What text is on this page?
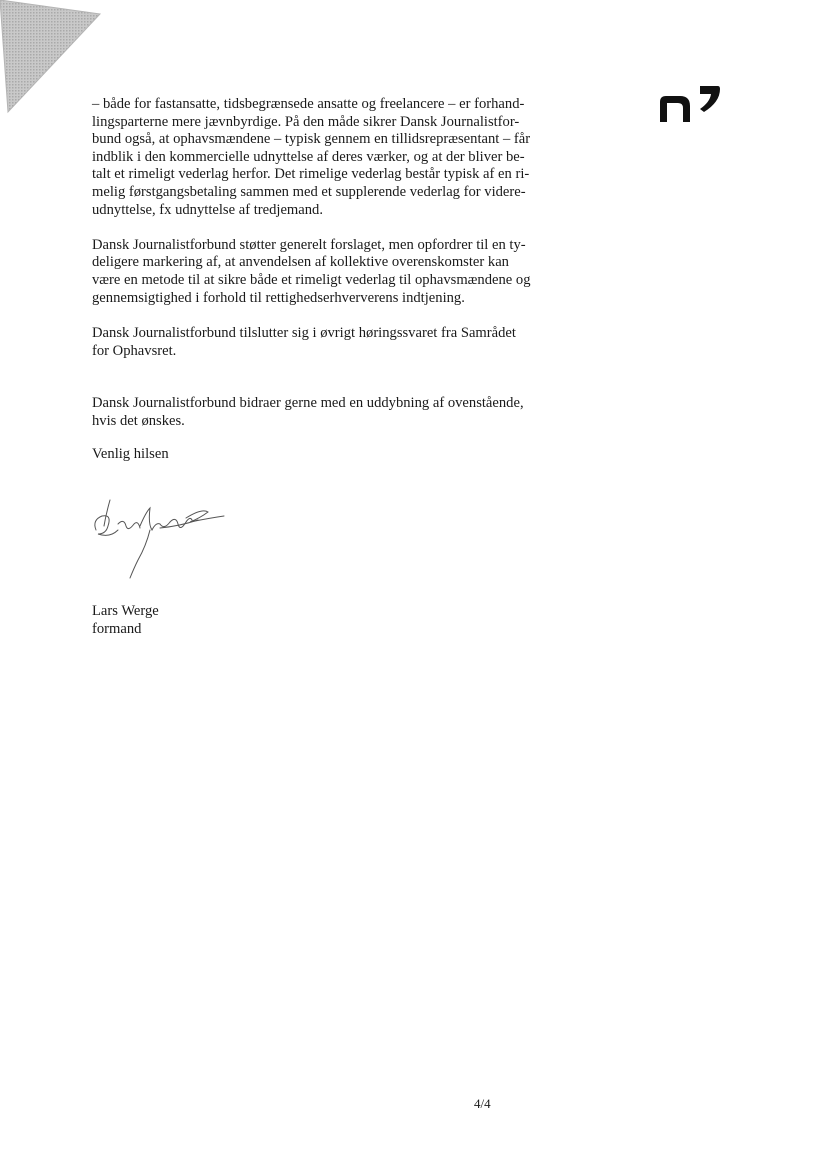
– både for fastansatte, tidsbegrænsede ansatte og freelancere – er forhand-
lingsparterne mere jævnbyrdige. På den måde sikrer Dansk Journalistfor-
bund også, at ophavsmændene – typisk gennem en tillidsrepræsentant – får
indblik i den kommercielle udnyttelse af deres værker, og at der bliver be-
talt et rimeligt vederlag herfor. Det rimelige vederlag består typisk af en ri-
melig førstgangsbetaling sammen med et supplerende vederlag for videre-
udnyttelse, fx udnyttelse af tredjemand.

Dansk Journalistforbund støtter generelt forslaget, men opfordrer til en ty-
deligere markering af, at anvendelsen af kollektive overenskomster kan
være en metode til at sikre både et rimeligt vederlag til ophavsmændene og
gennemsigtighed i forhold til rettighedserhververens indtjening.

Dansk Journalistforbund tilslutter sig i øvrigt høringssvaret fra Samrådet
for Ophavsret.

Dansk Journalistforbund bidraer gerne med en uddybning af ovenstående,
hvis det ønskes.

Venlig hilsen
Lars Werge
formand
4/4
